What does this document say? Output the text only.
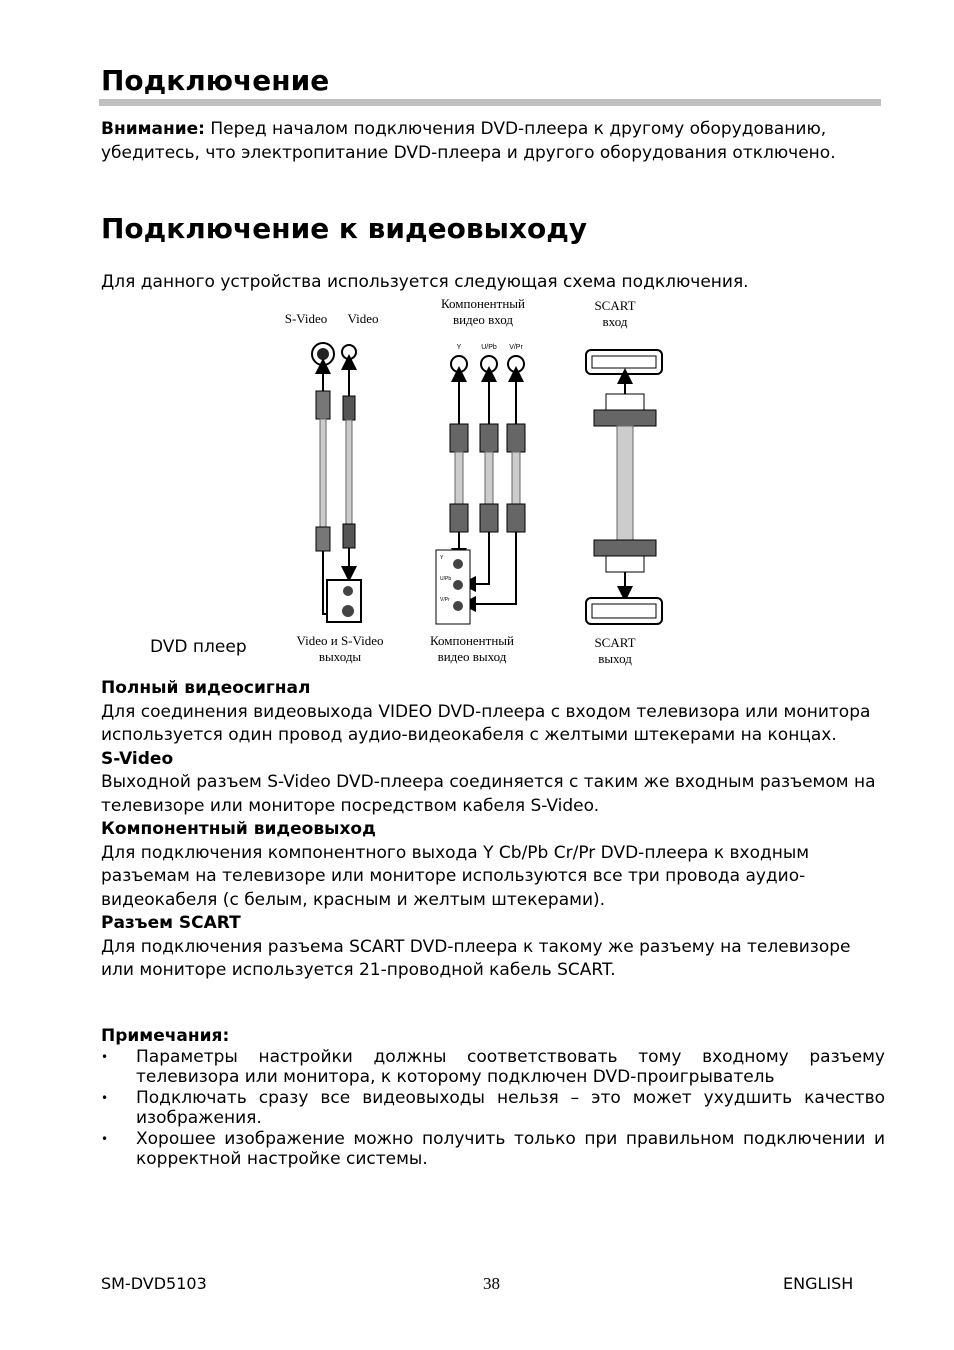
Подключение

Внимание: Перед началом подключения DVD-плеера к другому оборудованию, убедитесь, что электропитание DVD-плеера и другого оборудования отключено.

Подключение к видеовыходу

Для данного устройства используется следующая схема подключения.

Y	U/Pb V/Pr
Y
U/Pb
V/Pr
S-Video	Video
Компонентный
видео вход
SCART
вход
Video и S-Video
выходы
Компонентный
видео выход
SCART
выход
DVD плеер
Полный видеосигнал
Для соединения видеовыхода VIDEO DVD-плеера с входом телевизора или монитора используется один провод аудио-видеокабеля с желтыми штекерами на концах.
S-Video
Выходной разъем S-Video DVD-плеера соединяется с таким же входным разъемом на телевизоре или мониторе посредством кабеля S-Video.
Компонентный видеовыход
Для подключения компонентного выхода Y Cb/Pb Cr/Pr DVD-плеера к входным разъемам на телевизоре или мониторе используются все три провода аудио- видеокабеля (с белым, красным и желтым штекерами).
Разъем SCART
Для подключения разъема SCART DVD-плеера к такому же разъему на телевизоре или мониторе используется 21-проводной кабель SCART.
Примечания:
• Параметры настройки должны соответствовать тому входному разъему телевизора или монитора, к которому подключен DVD-проигрыватель
• Подключать сразу все видеовыходы нельзя – это может ухудшить качество изображения.
• Хорошее изображение можно получить только при правильном подключении и корректной настройке системы.
SM-DVD5103	38	ENGLISH
